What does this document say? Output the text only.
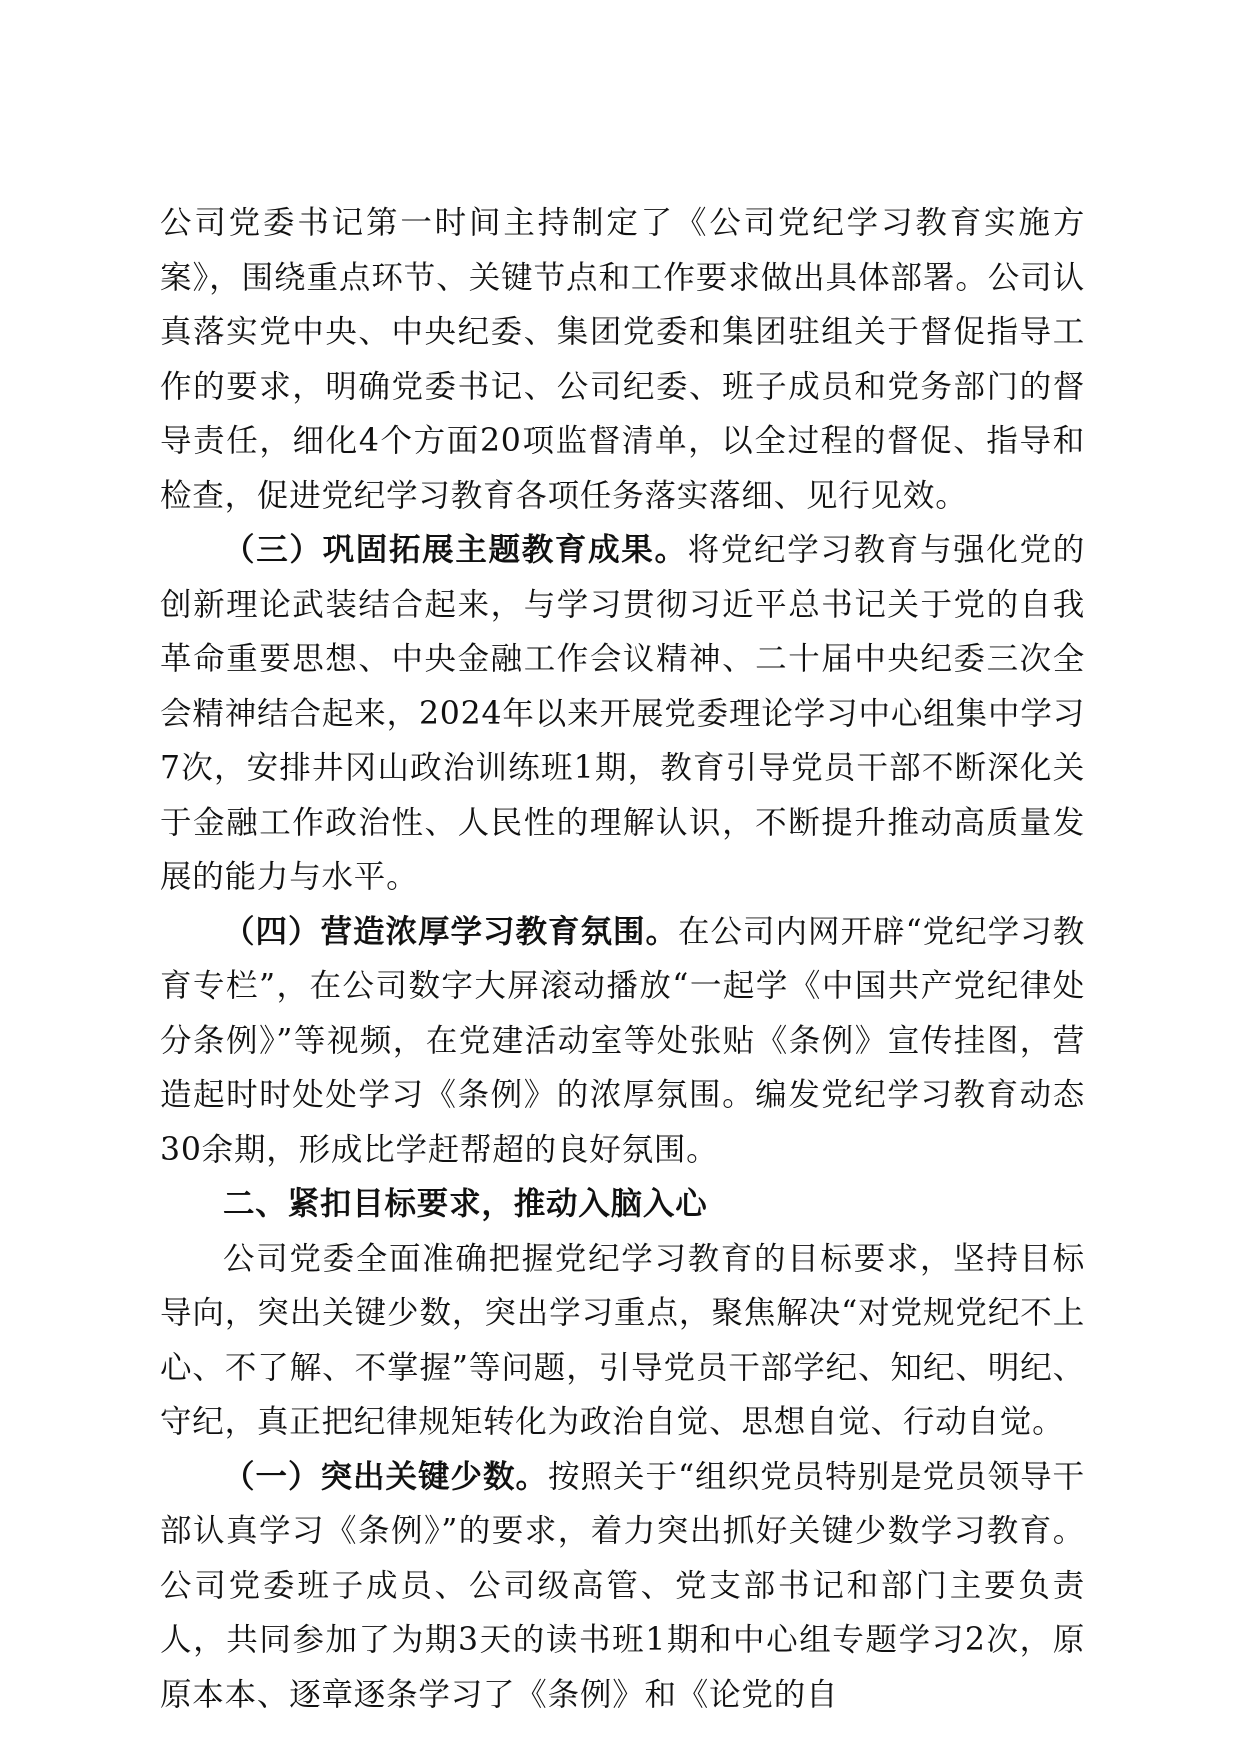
公司党委书记第一时间主持制定了《公司党纪学习教育实施方案》，围绕重点环节、关键节点和工作要求做出具体部署。公司认真落实党中央、中央纪委、集团党委和集团驻组关于督促指导工作的要求，明确党委书记、公司纪委、班子成员和党务部门的督导责任，细化4个方面20项监督清单，以全过程的督促、指导和检查，促进党纪学习教育各项任务落实落细、见行见效。

（三）巩固拓展主题教育成果。将党纪学习教育与强化党的创新理论武装结合起来，与学习贯彻习近平总书记关于党的自我革命重要思想、中央金融工作会议精神、二十届中央纪委三次全会精神结合起来，2024年以来开展党委理论学习中心组集中学习7次，安排井冈山政治训练班1期，教育引导党员干部不断深化关于金融工作政治性、人民性的理解认识，不断提升推动高质量发展的能力与水平。

（四）营造浓厚学习教育氛围。在公司内网开辟“党纪学习教育专栏”，在公司数字大屏滚动播放“一起学《中国共产党纪律处分条例》”等视频，在党建活动室等处张贴《条例》宣传挂图，营造起时时处处学习《条例》的浓厚氛围。编发党纪学习教育动态30余期，形成比学赶帮超的良好氛围。

二、紧扣目标要求，推动入脑入心

公司党委全面准确把握党纪学习教育的目标要求，坚持目标导向，突出关键少数，突出学习重点，聚焦解决“对党规党纪不上心、不了解、不掌握”等问题，引导党员干部学纪、知纪、明纪、守纪，真正把纪律规矩转化为政治自觉、思想自觉、行动自觉。

（一）突出关键少数。按照关于“组织党员特别是党员领导干部认真学习《条例》”的要求，着力突出抓好关键少数学习教育。公司党委班子成员、公司级高管、党支部书记和部门主要负责人，共同参加了为期3天的读书班1期和中心组专题学习2次，原原本本、逐章逐条学习了《条例》和《论党的自
